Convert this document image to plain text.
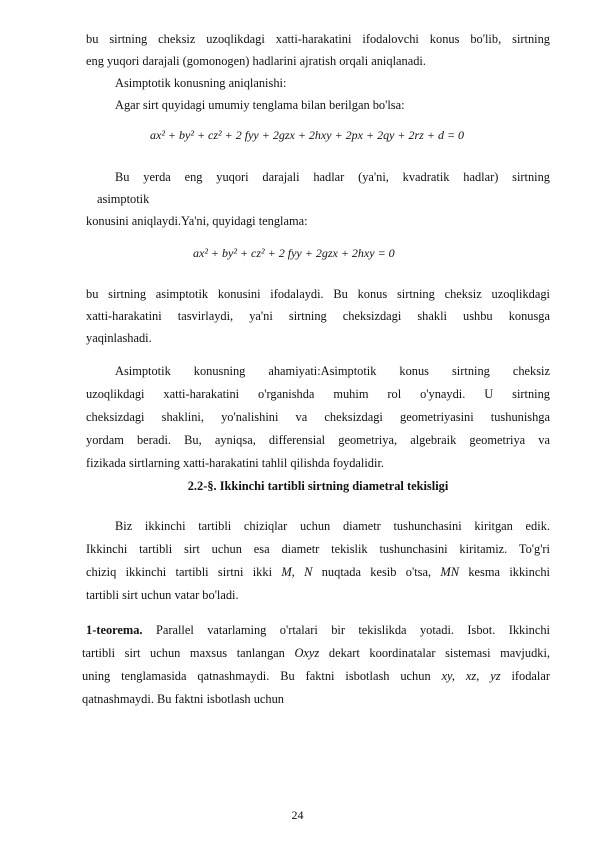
bu sirtning cheksiz uzoqlikdagi xatti-harakatini ifodalovchi konus bo'lib, sirtning

eng yuqori darajali (gomonogen) hadlarini ajratish orqali aniqlanadi.

Asimptotik konusning aniqlanishi:

Agar sirt quyidagi umumiy tenglama bilan berilgan bo'lsa:

ax² + by² + cz² + 2 fyy + 2gzx + 2hxy + 2px + 2qy + 2rz + d = 0

Bu yerda eng yuqori darajali hadlar (ya'ni, kvadratik hadlar) sirtning

asimptotik

konusini aniqlaydi.Ya'ni, quyidagi tenglama:

ax² + by² + cz² + 2 fyy + 2gzx + 2hxy = 0

bu sirtning asimptotik konusini ifodalaydi. Bu konus sirtning cheksiz uzoqlikdagi

xatti-harakatini tasvirlaydi, ya'ni sirtning cheksizdagi shakli ushbu konusga

yaqinlashadi.

Asimptotik konusning ahamiyati:Asimptotik konus sirtning cheksiz

uzoqlikdagi xatti-harakatini o'rganishda muhim rol o'ynaydi. U sirtning

cheksizdagi shaklini, yo'nalishini va cheksizdagi geometriyasini tushunishga

yordam beradi. Bu, ayniqsa, differensial geometriya, algebraik geometriya va

fizikada sirtlarning xatti-harakatini tahlil qilishda foydalidir.

2.2-§. Ikkinchi tartibli sirtning diametral tekisligi

Biz ikkinchi tartibli chiziqlar uchun diametr tushunchasini kiritgan edik.

Ikkinchi tartibli sirt uchun esa diametr tekislik tushunchasini kiritamiz. To'g'ri

chiziq ikkinchi tartibli sirtni ikki M, N nuqtada kesib o'tsa, MN kesma ikkinchi

tartibli sirt uchun vatar bo'ladi.

1-teorema. Parallel vatarlaming o'rtalari bir tekislikda yotadi. Isbot. Ikkinchi

tartibli sirt uchun maxsus tanlangan Oxyz dekart koordinatalar sistemasi mavjudki,

uning tenglamasida qatnashmaydi. Bu faktni isbotlash uchun xy, xz, yz ifodalar

qatnashmaydi. Bu faktni isbotlash uchun

24
